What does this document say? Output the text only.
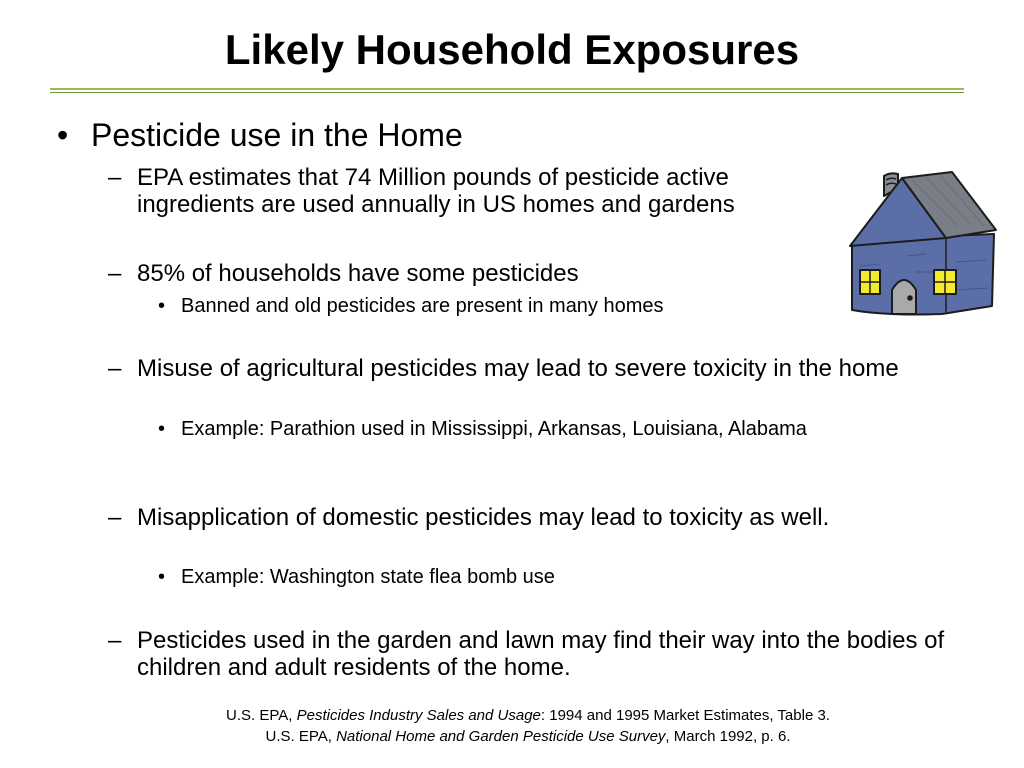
Likely Household Exposures
• Pesticide use in the Home
– EPA estimates that 74 Million pounds of pesticide active ingredients are used annually in US homes and gardens
– 85% of households have some pesticides
• Banned and old pesticides are present in many homes
– Misuse of agricultural pesticides may lead to severe toxicity in the home
• Example: Parathion used in Mississippi, Arkansas, Louisiana, Alabama
– Misapplication of domestic pesticides may lead to toxicity as well.
• Example: Washington state flea bomb use
– Pesticides used in the garden and lawn may find their way into the bodies of children and adult residents of the home.
U.S. EPA, Pesticides Industry Sales and Usage: 1994 and 1995 Market Estimates, Table 3.
U.S. EPA, National Home and Garden Pesticide Use Survey, March 1992, p. 6.
